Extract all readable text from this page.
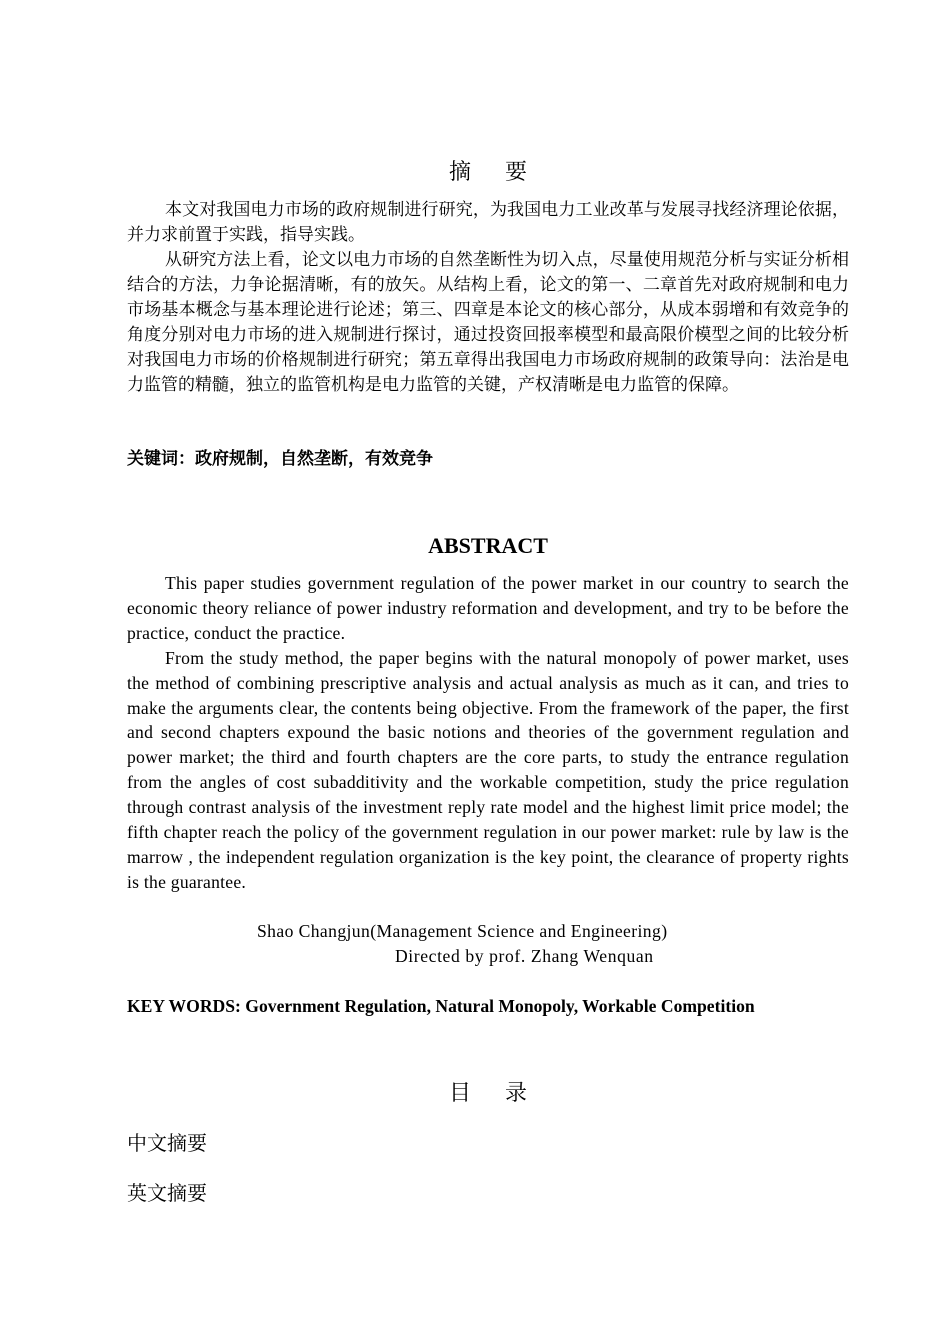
摘要

本文对我国电力市场的政府规制进行研究，为我国电力工业改革与发展寻找经济理论依据，并力求前置于实践，指导实践。

从研究方法上看，论文以电力市场的自然垄断性为切入点，尽量使用规范分析与实证分析相结合的方法，力争论据清晰，有的放矢。从结构上看，论文的第一、二章首先对政府规制和电力市场基本概念与基本理论进行论述；第三、四章是本论文的核心部分，从成本弱增和有效竞争的角度分别对电力市场的进入规制进行探讨，通过投资回报率模型和最高限价模型之间的比较分析对我国电力市场的价格规制进行研究；第五章得出我国电力市场政府规制的政策导向：法治是电力监管的精髓，独立的监管机构是电力监管的关键，产权清晰是电力监管的保障。

关键词：政府规制，自然垄断，有效竞争
ABSTRACT

This paper studies government regulation of the power market in our country to search the economic theory reliance of power industry reformation and development, and try to be before the practice, conduct the practice.

From the study method, the paper begins with the natural monopoly of power market, uses the method of combining prescriptive analysis and actual analysis as much as it can, and tries to make the arguments clear, the contents being objective. From the framework of the paper, the first and second chapters expound the basic notions and theories of the government regulation and power market; the third and fourth chapters are the core parts, to study the entrance regulation from the angles of cost subadditivity and the workable competition, study the price regulation through contrast analysis of the investment reply rate model and the highest limit price model; the fifth chapter reach the policy of the government regulation in our power market: rule by law is the marrow , the independent regulation organization is the key point, the clearance of property rights is the guarantee.

Shao Changjun(Management Science and Engineering)
Directed by prof. Zhang Wenquan
KEY WORDS: Government Regulation, Natural Monopoly, Workable Competition
目录
中文摘要
英文摘要
